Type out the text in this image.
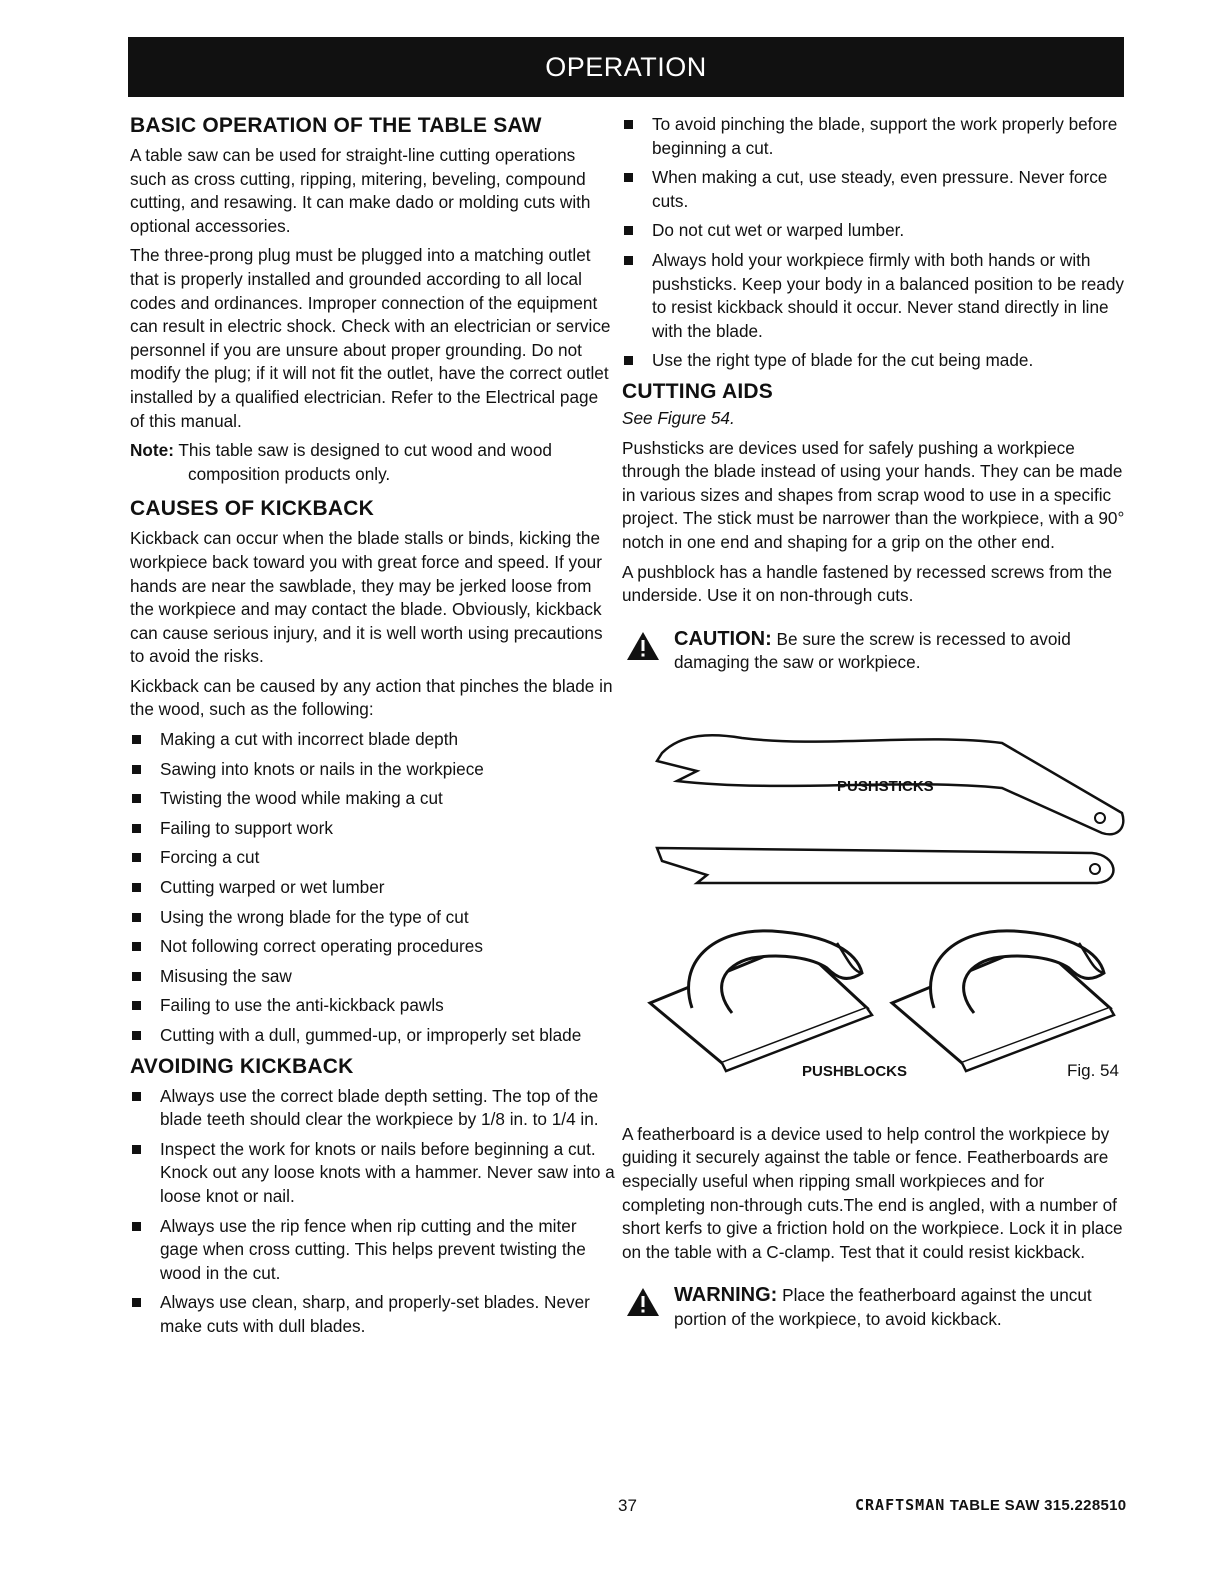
OPERATION
BASIC OPERATION OF THE TABLE SAW

A table saw can be used for straight-line cutting operations such as cross cutting, ripping, mitering, beveling, compound cutting, and resawing. It can make dado or molding cuts with optional accessories.

The three-prong plug must be plugged into a matching outlet that is properly installed and grounded according to all local codes and ordinances. Improper connection of the equipment can result in electric shock. Check with an electrician or service personnel if you are unsure about proper grounding. Do not modify the plug; if it will not fit the outlet, have the correct outlet installed by a qualified electrician. Refer to the Electrical page of this manual.

Note: This table saw is designed to cut wood and wood composition products only.
CAUSES OF KICKBACK

Kickback can occur when the blade stalls or binds, kicking the workpiece back toward you with great force and speed. If your hands are near the sawblade, they may be jerked loose from the workpiece and may contact the blade. Obviously, kickback can cause serious injury, and it is well worth using precautions to avoid the risks.

Kickback can be caused by any action that pinches the blade in the wood, such as the following:

Making a cut with incorrect blade depth
Sawing into knots or nails in the workpiece
Twisting the wood while making a cut
Failing to support work
Forcing a cut
Cutting warped or wet lumber
Using the wrong blade for the type of cut
Not following correct operating procedures
Misusing the saw
Failing to use the anti-kickback pawls
Cutting with a dull, gummed-up, or improperly set blade
AVOIDING KICKBACK
Always use the correct blade depth setting. The top of the blade teeth should clear the workpiece by 1/8 in. to 1/4 in.
Inspect the work for knots or nails before beginning a cut. Knock out any loose knots with a hammer. Never saw into a loose knot or nail.
Always use the rip fence when rip cutting and the miter gage when cross cutting. This helps prevent twisting the wood in the cut.
Always use clean, sharp, and properly-set blades. Never make cuts with dull blades.
To avoid pinching the blade, support the work properly before beginning a cut.
When making a cut, use steady, even pressure. Never force cuts.
Do not cut wet or warped lumber.
Always hold your workpiece firmly with both hands or with pushsticks. Keep your body in a balanced position to be ready to resist kickback should it occur. Never stand directly in line with the blade.
Use the right type of blade for the cut being made.
CUTTING AIDS
See Figure 54.

Pushsticks are devices used for safely pushing a workpiece through the blade instead of using your hands. They can be made in various sizes and shapes from scrap wood to use in a specific project. The stick must be narrower than the workpiece, with a 90° notch in one end and shaping for a grip on the other end.

A pushblock has a handle fastened by recessed screws from the underside. Use it on non-through cuts.

CAUTION: Be sure the screw is recessed to avoid damaging the saw or workpiece.
PUSHSTICKS
PUSHBLOCKS	Fig. 54

A featherboard is a device used to help control the workpiece by guiding it securely against the table or fence. Featherboards are especially useful when ripping small workpieces and for completing non-through cuts.The end is angled, with a number of short kerfs to give a friction hold on the workpiece. Lock it in place on the table with a C-clamp. Test that it could resist kickback.

WARNING: Place the featherboard against the uncut portion of the workpiece, to avoid kickback.
37	CRAFTSMAN TABLE SAW 315.228510
